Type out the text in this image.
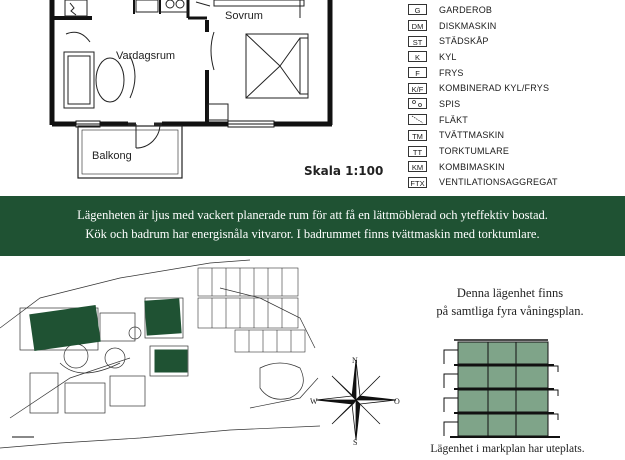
Sovrum
Vardagsrum
Balkong
Skala 1:100
G	GARDEROB
DM	DISKMASKIN
ST	STÄDSKÅP
K	KYL
F	FRYS
K/F	KOMBINERAD KYL/FRYS
SPIS
FLÄKT
TM	TVÄTTMASKIN
TT	TORKTUMLARE
KM	KOMBIMASKIN
FTX VENTILATIONSAGGREGAT

Lägenheten är ljus med vackert planerade rum för att få en lättmöblerad och yteffektiv bostad.

Kök och badrum har energisnåla vitvaror. I badrummet finns tvättmaskin med torktumlare.

N
S
W	O
Denna lägenhet finns
på samtliga fyra våningsplan.
Lägenhet i markplan har uteplats.
